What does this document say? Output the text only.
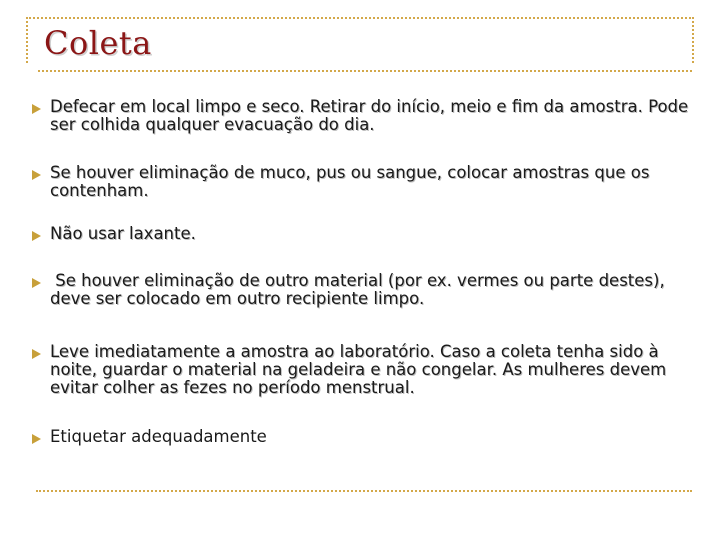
Coleta
Defecar em local limpo e seco. Retirar do início, meio e fim da amostra. Pode ser colhida qualquer evacuação do dia.
Se houver eliminação de muco, pus ou sangue, colocar amostras que os contenham.
Não usar laxante.
Se houver eliminação de outro material (por ex. vermes ou parte destes), deve ser colocado em outro recipiente limpo.
Leve imediatamente a amostra ao laboratório. Caso a coleta tenha sido à noite, guardar o material na geladeira e não congelar. As mulheres devem evitar colher as fezes no período menstrual.
Etiquetar adequadamente
